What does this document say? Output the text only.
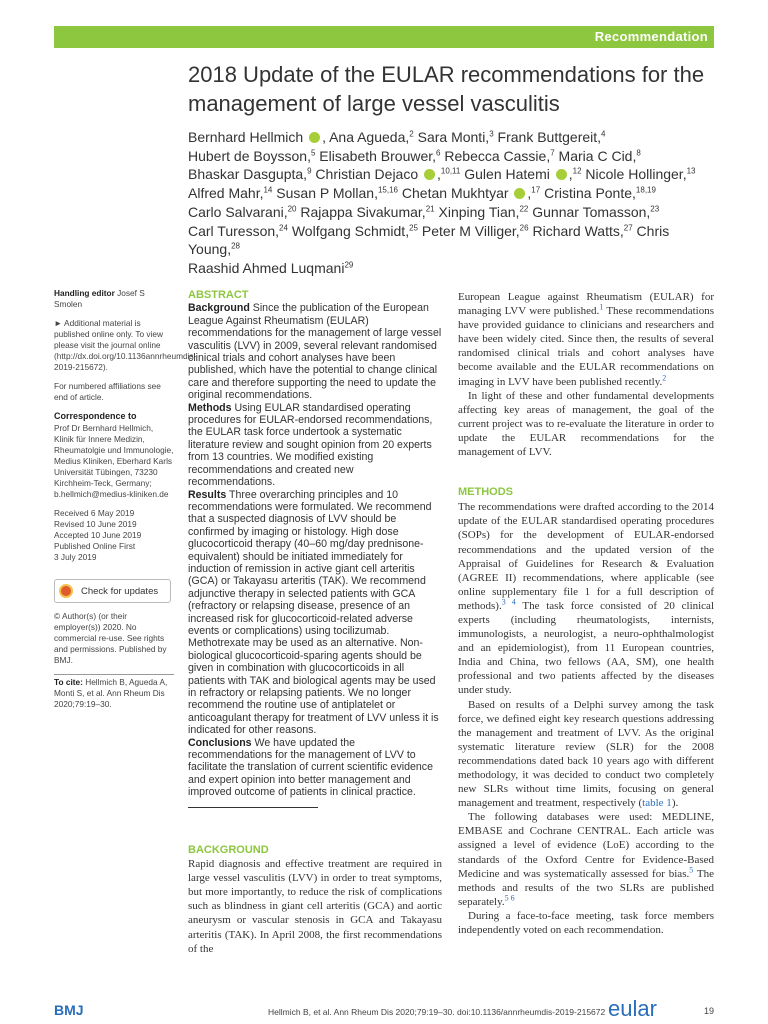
Recommendation
2018 Update of the EULAR recommendations for the management of large vessel vasculitis
Bernhard Hellmich , Ana Agueda,$^2$ Sara Monti,$^3$ Frank Buttgereit,$^4$
Hubert de Boysson,$^5$ Elisabeth Brouwer,$^6$ Rebecca Cassie,$^7$ Maria C Cid,$^8$
Bhaskar Dasgupta,$^9$ Christian Dejaco ,$^{10,11}$ Gulen Hatemi ,$^{12}$ Nicole Hollinger,$^{13}$
Alfred Mahr,$^{14}$ Susan P Mollan,$^{15,16}$ Chetan Mukhtyar ,$^{17}$ Cristina Ponte,$^{18,19}$
Carlo Salvarani,$^{20}$ Rajappa Sivakumar,$^{21}$ Xinping Tian,$^{22}$ Gunnar Tomasson,$^{23}$
Carl Turesson,$^{24}$ Wolfgang Schmidt,$^{25}$ Peter M Villiger,$^{26}$ Richard Watts,$^{27}$ Chris Young,$^{28}$
Raashid Ahmed Luqmani$^{29}$

Handling editor Josef S Smolen

► Additional material is published online only. To view please visit the journal online (http://dx.doi.org/10.1136annrheumdis-2019-215672).

For numbered affiliations see end of article.

Correspondence to

Prof Dr Bernhard Hellmich, Klinik für Innere Medizin, Rheumatolgie und Immunologie, Medius Kliniken, Eberhard Karls Universität Tübingen, 73230 Kirchheim-Teck, Germany; b.hellmich@medius-kliniken.de

Received 6 May 2019
Revised 10 June 2019
Accepted 10 June 2019
Published Online First
3 July 2019
Check for updates

© Author(s) (or their employer(s)) 2020. No commercial re-use. See rights and permissions. Published by BMJ.

To cite: Hellmich B, Agueda A, Monti S, et al. Ann Rheum Dis 2020;79:19–30.

ABSTRACT

Background Since the publication of the European League Against Rheumatism (EULAR) recommendations for the management of large vessel vasculitis (LVV) in 2009, several relevant randomised clinical trials and cohort analyses have been published, which have the potential to change clinical care and therefore supporting the need to update the original recommendations.

Methods Using EULAR standardised operating procedures for EULAR-endorsed recommendations, the EULAR task force undertook a systematic literature review and sought opinion from 20 experts from 13 countries. We modified existing recommendations and created new recommendations.

Results Three overarching principles and 10 recommendations were formulated. We recommend that a suspected diagnosis of LVV should be confirmed by imaging or histology. High dose glucocorticoid therapy (40–60 mg/day prednisone-equivalent) should be initiated immediately for induction of remission in active giant cell arteritis (GCA) or Takayasu arteritis (TAK). We recommend adjunctive therapy in selected patients with GCA (refractory or relapsing disease, presence of an increased risk for glucocorticoid-related adverse events or complications) using tocilizumab. Methotrexate may be used as an alternative. Non-biological glucocorticoid-sparing agents should be given in combination with glucocorticoids in all patients with TAK and biological agents may be used in refractory or relapsing patients. We no longer recommend the routine use of antiplatelet or anticoagulant therapy for treatment of LVV unless it is indicated for other reasons.

Conclusions We have updated the recommendations for the management of LVV to facilitate the translation of current scientific evidence and expert opinion into better management and improved outcome of patients in clinical practice.

BACKGROUND

Rapid diagnosis and effective treatment are required in large vessel vasculitis (LVV) in order to treat symptoms, but more importantly, to reduce the risk of complications such as blindness in giant cell arteritis (GCA) and aortic aneurysm or vascular stenosis in GCA and Takayasu arteritis (TAK). In April 2008, the first recommendations of the

European League against Rheumatism (EULAR) for managing LVV were published.$^1$ These recommendations have provided guidance to clinicians and researchers and have been widely cited. Since then, the results of several randomised clinical trials and cohort analyses have become available and the EULAR recommendations on imaging in LVV have been published recently.$^2$

In light of these and other fundamental developments affecting key areas of management, the goal of the current project was to re-evaluate the literature in order to update the EULAR recommendations for the management of LVV.

METHODS

The recommendations were drafted according to the 2014 update of the EULAR standardised operating procedures (SOPs) for the development of EULAR-endorsed recommendations and the updated version of the Appraisal of Guidelines for Research & Evaluation (AGREE II) recommendations, where applicable (see online supplementary file 1 for a full description of methods).$^{3 4}$ The task force consisted of 20 clinical experts (including rheumatologists, internists, immunologists, a neurologist, a neuro-ophthalmologist and an epidemiologist), from 11 European countries, India and China, two fellows (AA, SM), one health professional and two patients affected by the diseases under study.

Based on results of a Delphi survey among the task force, we defined eight key research questions addressing the management and treatment of LVV. As the original systematic literature review (SLR) for the 2008 recommendations dated back 10 years ago with different methodology, it was decided to conduct two completely new SLRs without time limits, focusing on general management and treatment, respectively (table 1).

The following databases were used: MEDLINE, EMBASE and Cochrane CENTRAL. Each article was assigned a level of evidence (LoE) according to the standards of the Oxford Centre for Evidence-Based Medicine and was systematically assessed for bias.$^5$ The methods and results of the two SLRs are published separately.$^{5 6}$

During a face-to-face meeting, task force members independently voted on each recommendation.

BMJ	Hellmich B, et al. Ann Rheum Dis 2020;79:19–30. doi:10.1136/annrheumdis-2019-215672 eular	19
